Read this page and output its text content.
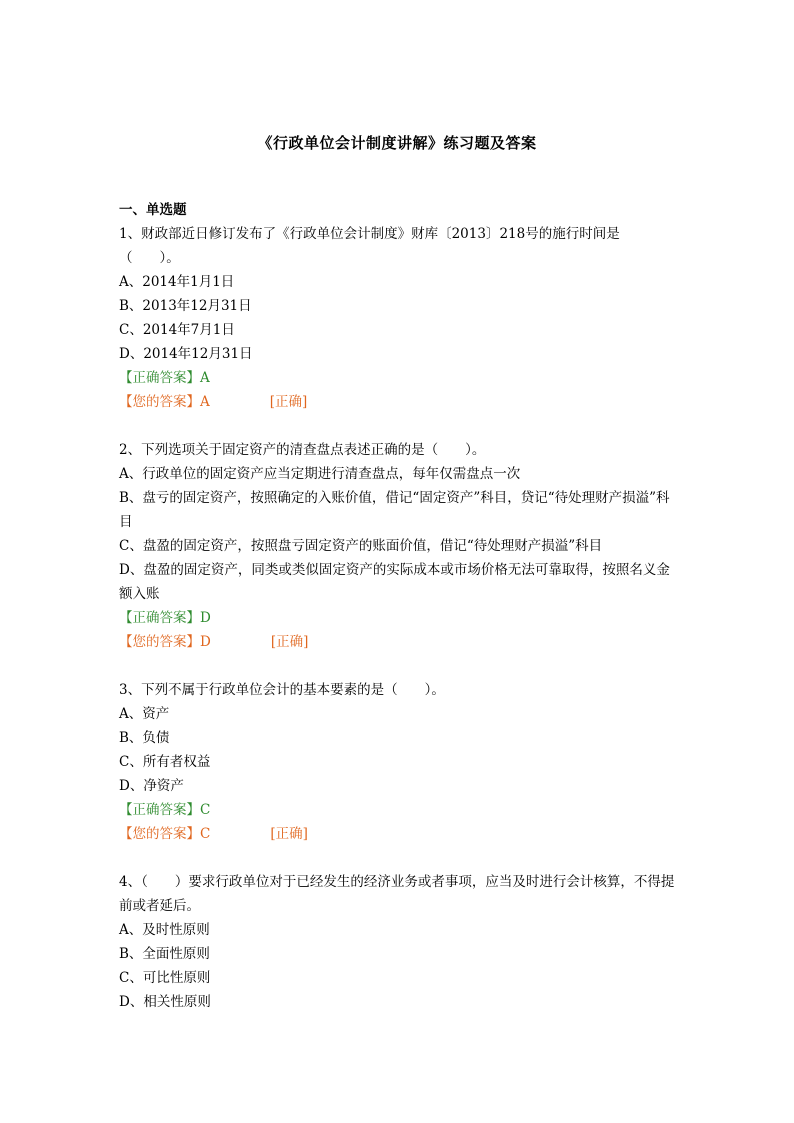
《行政单位会计制度讲解》练习题及答案
一、单选题
1、财政部近日修订发布了《行政单位会计制度》财库〔2013〕218号的施行时间是（　　）。
A、2014年1月1日
B、2013年12月31日
C、2014年7月1日
D、2014年12月31日
【正确答案】A
【您的答案】A	[正确]
2、下列选项关于固定资产的清查盘点表述正确的是（　　）。
A、行政单位的固定资产应当定期进行清查盘点，每年仅需盘点一次
B、盘亏的固定资产，按照确定的入账价值，借记“固定资产”科目，贷记“待处理财产损溢”科目
C、盘盈的固定资产，按照盘亏固定资产的账面价值，借记“待处理财产损溢”科目
D、盘盈的固定资产，同类或类似固定资产的实际成本或市场价格无法可靠取得，按照名义金额入账
【正确答案】D
【您的答案】D	[正确]
3、下列不属于行政单位会计的基本要素的是（　　）。
A、资产
B、负债
C、所有者权益
D、净资产
【正确答案】C
【您的答案】C	[正确]
4、（　　）要求行政单位对于已经发生的经济业务或者事项，应当及时进行会计核算，不得提前或者延后。
A、及时性原则
B、全面性原则
C、可比性原则
D、相关性原则
